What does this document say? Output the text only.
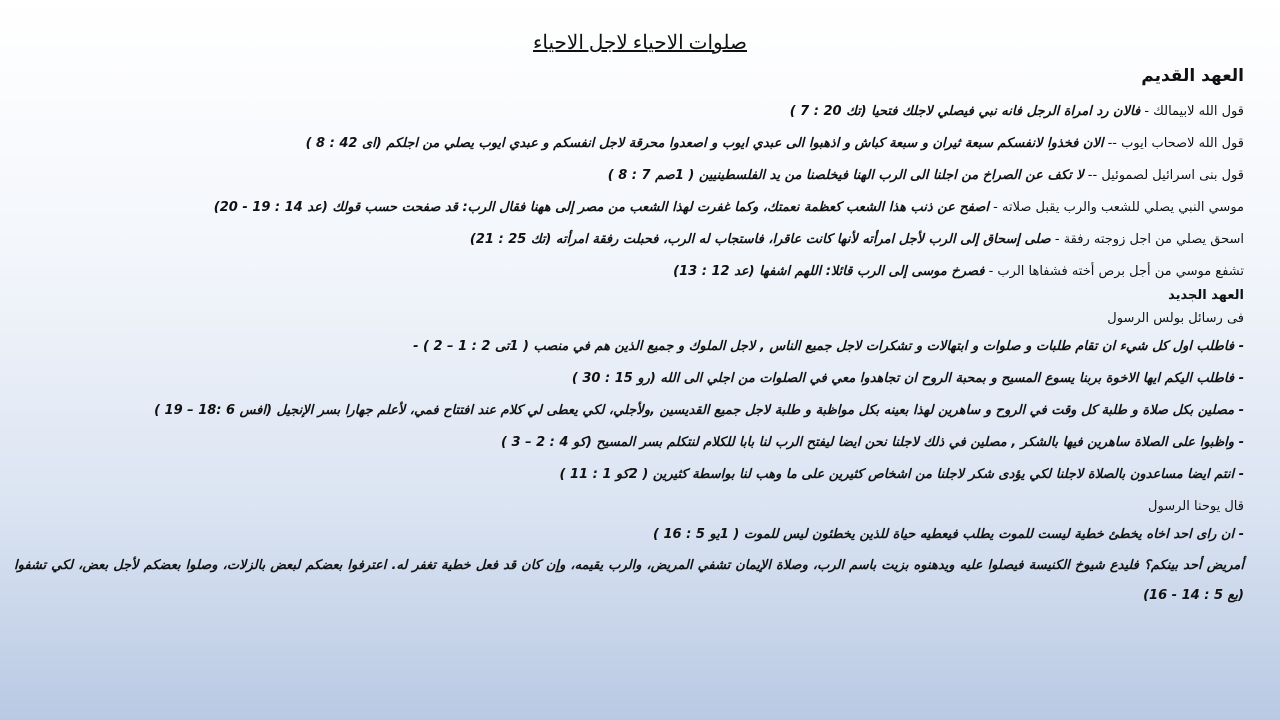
صلوات الاحياء لاجل الاحياء
العهد القديم
قول الله لابيمالك - فالان رد امراة الرجل فانه نبي فيصلي لاجلك فتحيا (تك 20 : 7 )
قول الله لاصحاب ايوب -- الان فخذوا لانفسكم سبعة ثيران و سبعة كباش و اذهبوا الى عبدي ايوب و اصعدوا محرقة لاجل انفسكم و عبدي ايوب يصلي من اجلكم (اى 42 : 8 )
قول بنى اسرائيل لصموئيل -- لا تكف عن الصراخ من اجلنا الى الرب الهنا فيخلصنا من يد الفلسطينيين ( 1صم 7 : 8 )
موسي النبي يصلي للشعب والرب يقبل صلاته - اصفح عن ذنب هذا الشعب كعظمة نعمتك، وكما غفرت لهذا الشعب من مصر إلى ههنا فقال الرب: قد صفحت حسب قولك (عد 14 : 19 - 20)
اسحق يصلي من اجل زوجته رفقة - صلى إسحاق إلى الرب لأجل امرأته لأنها كانت عاقرا، فاستجاب له الرب، فحبلت رفقة امرأته (تك 25 : 21)
تشفع موسي من أجل برص أخته فشفاها الرب - فصرخ موسى إلى الرب قائلا: اللهم اشفها (عد 12 : 13)
العهد الجديد
فى رسائل بولس الرسول
- فاطلب اول كل شيء ان تقام طلبات و صلوات و ابتهالات و تشكرات لاجل جميع الناس , لاجل الملوك و جميع الذين هم في منصب ( 1تى 2 : 1 – 2 ) -
- فاطلب اليكم ايها الاخوة بربنا يسوع المسيح و بمحبة الروح ان تجاهدوا معي في الصلوات من اجلي الى الله (رو 15 : 30 )
- مصلين بكل صلاة و طلبة كل وقت في الروح و ساهرين لهذا بعينه بكل مواظبة و طلبة لاجل جميع القديسين ,ولأجلي، لكي يعطى لي كلام عند افتتاح فمي، لأعلم جهارا بسر الإنجيل (افس 6 :18 – 19 )
- واظبوا على الصلاة ساهرين فيها بالشكر , مصلين في ذلك لاجلنا نحن ايضا ليفتح الرب لنا بابا للكلام لنتكلم بسر المسيح (كو 4 : 2 – 3 )
- انتم ايضا مساعدون بالصلاة لاجلنا لكي يؤدى شكر لاجلنا من اشخاص كثيرين على ما وهب لنا بواسطة كثيرين ( 2كو 1 : 11 )
قال يوحنا الرسول
- ان راى احد اخاه يخطئ خطية ليست للموت يطلب فيعطيه حياة للذين يخطئون ليس للموت ( 1يو 5 : 16 )
أمريض أحد بينكم؟ فليدع شيوخ الكنيسة فيصلوا عليه ويدهنوه بزيت باسم الرب، وصلاة الإيمان تشفي المريض، والرب يقيمه، وإن كان قد فعل خطية تغفر له. اعترفوا بعضكم لبعض بالزلات، وصلوا بعضكم لأجل بعض، لكي تشفوا (يع 5 : 14 - 16)
